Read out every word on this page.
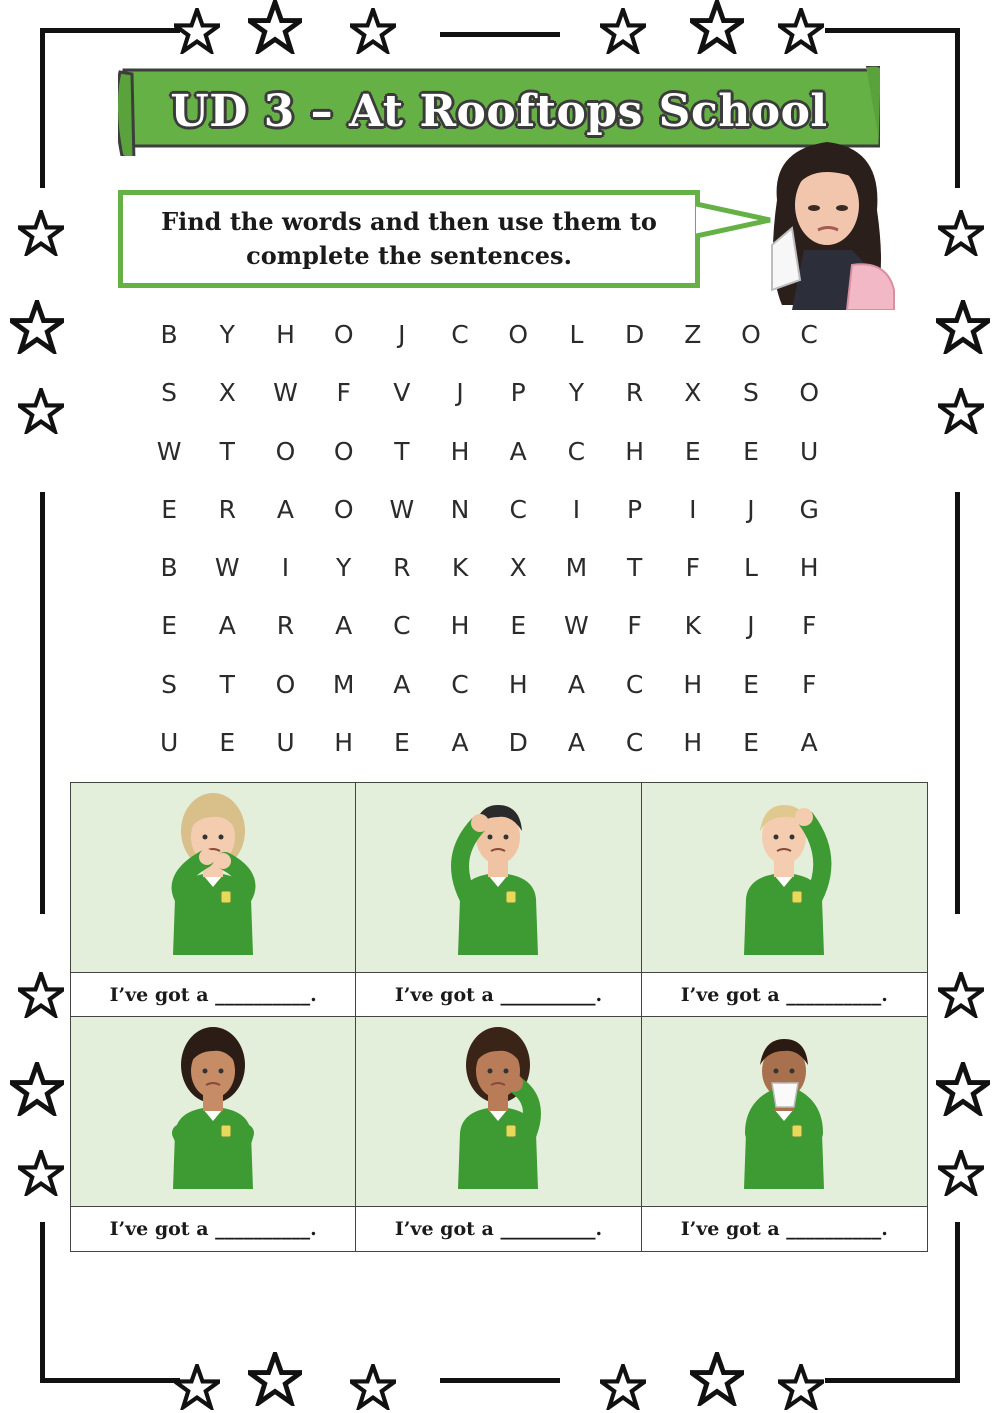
UD 3 – At Rooftops School
Find the words and then use them to complete the sentences.
B	Y	H	O	J	C	O	L	D	Z	O	C
S	X	W	F	V	J	P	Y	R	X	S	O
W	T	O	O	T	H	A	C	H	E	E	U
E	R	A	O	W	N	C	I	P	I	J	G
B	W	I	Y	R	K	X	M	T	F	L	H
E	A	R	A	C	H	E	W	F	K	J	F
S	T	O	M	A	C	H	A	C	H	E	F
U	E	U	H	E	A	D	A	C	H	E	A
I’ve got a __________.	I’ve got a __________.	I’ve got a __________.
I’ve got a __________.	I’ve got a __________.	I’ve got a __________.
